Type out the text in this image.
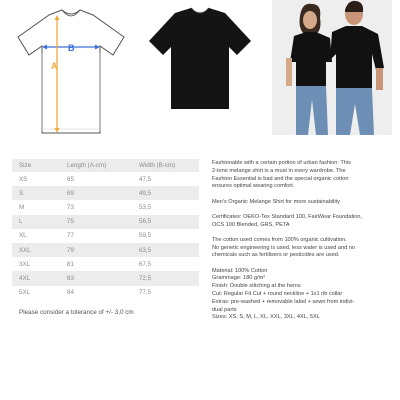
B
A
Size	Length (A-cm)	Width (B-cm)
XS	65	47,5
S	69	49,5
M	73	53,5
L	75	56,5
XL	77	59,5
XXL	79	63,5
3XL	81	67,5
4XL	83	72,5
5XL	84	77,5
Please consider a tolerance of +/- 3,0 cm

Fashionable with a certain portion of urban fashion: This
2-tone melange shirt is a must in every wardrobe. The
Fashion Essential is bad and the special organic cotton
ensures optimal wearing comfort.

Men's Organic Melange Shirt for more sustainability

Certificates: OEKO-Tex Standard 100, FairWear Foundation,
OCS 100 Blended, GRS, PETA

The cotton used comes from 100% organic cultivation.
No genetic engineering is used, less water is used and no
chemicals such as fertilisers or pesticides are used.

Material: 100% Cotton
Grammage: 180 g/m²
Finish: Double stitching at the hems
Cut: Regular Fit Cut + round neckline + 1x1 rib collar
Extras: pre-washed + removable label + sewn from indivi-
dual parts
Sizes: XS, S, M, L, XL, XXL, 3XL, 4XL, 5XL
